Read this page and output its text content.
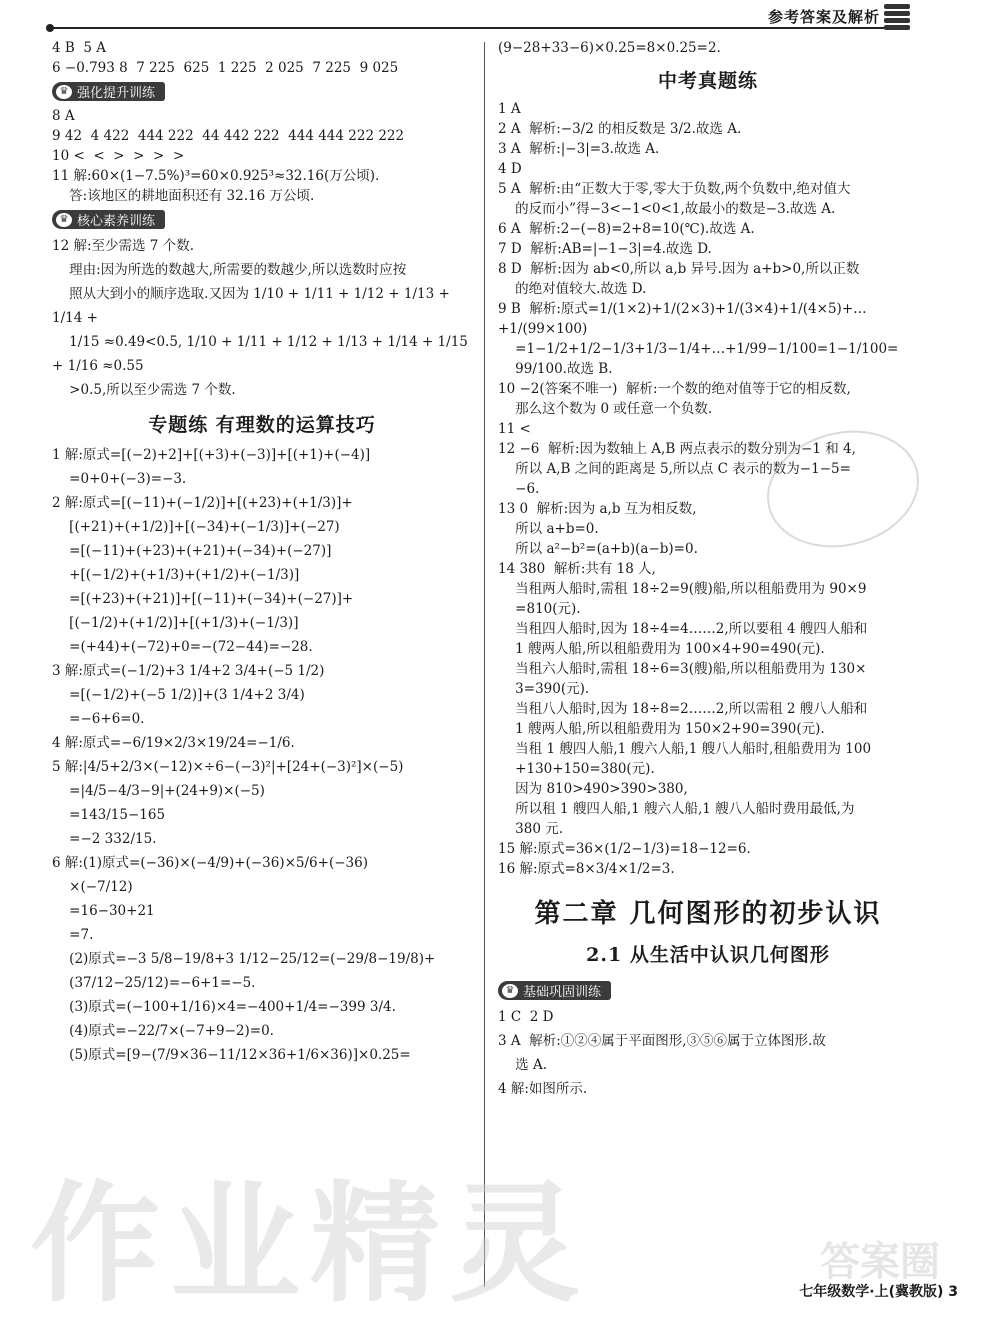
参考答案及解析
4 B  5 A
6 −0.793 8  7 225  625  1 225  2 025  7 225  9 025
♛ 强化提升训练
8 A
9 42  4 422  444 222  44 442 222  444 444 222 222
10 <  <  >  >  >  >
11 解:60×(1−7.5%)³=60×0.925³≈32.16(万公顷).
答:该地区的耕地面积还有 32.16 万公顷.
♛ 核心素养训练
12 解:至少需选 7 个数.
理由:因为所选的数越大,所需要的数越少,所以选数时应按
照从大到小的顺序选取.又因为 1/10 + 1/11 + 1/12 + 1/13 + 1/14 +
1/15 ≈0.49<0.5, 1/10 + 1/11 + 1/12 + 1/13 + 1/14 + 1/15 + 1/16 ≈0.55
>0.5,所以至少需选 7 个数.
专题练 有理数的运算技巧
1 解:原式=[(−2)+2]+[(+3)+(−3)]+[(+1)+(−4)]
=0+0+(−3)=−3.
2 解:原式=[(−11)+(−1/2)]+[(+23)+(+1/3)]+
[(+21)+(+1/2)]+[(−34)+(−1/3)]+(−27)
=[(−11)+(+23)+(+21)+(−34)+(−27)]
+[(−1/2)+(+1/3)+(+1/2)+(−1/3)]
=[(+23)+(+21)]+[(−11)+(−34)+(−27)]+
[(−1/2)+(+1/2)]+[(+1/3)+(−1/3)]
=(+44)+(−72)+0=−(72−44)=−28.
3 解:原式=(−1/2)+3 1/4+2 3/4+(−5 1/2)
=[(−1/2)+(−5 1/2)]+(3 1/4+2 3/4)
=−6+6=0.
4 解:原式=−6/19×2/3×19/24=−1/6.
5 解:|4/5+2/3×(−12)×÷6−(−3)²|+[24+(−3)²]×(−5)
=|4/5−4/3−9|+(24+9)×(−5)
=143/15−165
=−2 332/15.
6 解:(1)原式=(−36)×(−4/9)+(−36)×5/6+(−36)
×(−7/12)
=16−30+21
=7.
(2)原式=−3 5/8−19/8+3 1/12−25/12=(−29/8−19/8)+
(37/12−25/12)=−6+1=−5.
(3)原式=(−100+1/16)×4=−400+1/4=−399 3/4.
(4)原式=−22/7×(−7+9−2)=0.
(5)原式=[9−(7/9×36−11/12×36+1/6×36)]×0.25=
(9−28+33−6)×0.25=8×0.25=2.
中考真题练
1 A
2 A  解析:−3/2 的相反数是 3/2.故选 A.
3 A  解析:|−3|=3.故选 A.
4 D
5 A  解析:由“正数大于零,零大于负数,两个负数中,绝对值大
的反而小”得−3<−1<0<1,故最小的数是−3.故选 A.
6 A  解析:2−(−8)=2+8=10(℃).故选 A.
7 D  解析:AB=|−1−3|=4.故选 D.
8 D  解析:因为 ab<0,所以 a,b 异号.因为 a+b>0,所以正数
的绝对值较大.故选 D.
9 B  解析:原式=1/(1×2)+1/(2×3)+1/(3×4)+1/(4×5)+…+1/(99×100)
=1−1/2+1/2−1/3+1/3−1/4+…+1/99−1/100=1−1/100=
99/100.故选 B.
10 −2(答案不唯一)  解析:一个数的绝对值等于它的相反数,
那么这个数为 0 或任意一个负数.
11 <
12 −6  解析:因为数轴上 A,B 两点表示的数分别为−1 和 4,
所以 A,B 之间的距离是 5,所以点 C 表示的数为−1−5=
−6.
13 0  解析:因为 a,b 互为相反数,
所以 a+b=0.
所以 a²−b²=(a+b)(a−b)=0.
14 380  解析:共有 18 人,
当租两人船时,需租 18÷2=9(艘)船,所以租船费用为 90×9
=810(元).
当租四人船时,因为 18÷4=4……2,所以要租 4 艘四人船和
1 艘两人船,所以租船费用为 100×4+90=490(元).
当租六人船时,需租 18÷6=3(艘)船,所以租船费用为 130×
3=390(元).
当租八人船时,因为 18÷8=2……2,所以需租 2 艘八人船和
1 艘两人船,所以租船费用为 150×2+90=390(元).
当租 1 艘四人船,1 艘六人船,1 艘八人船时,租船费用为 100
+130+150=380(元).
因为 810>490>390>380,
所以租 1 艘四人船,1 艘六人船,1 艘八人船时费用最低,为
380 元.
15 解:原式=36×(1/2−1/3)=18−12=6.
16 解:原式=8×3/4×1/2=3.
第二章 几何图形的初步认识
2.1 从生活中认识几何图形
♛ 基础巩固训练
1 C  2 D
3 A  解析:①②④属于平面图形,③⑤⑥属于立体图形.故
选 A.
4 解:如图所示.
作业精灵	答案圈
七年级数学·上(冀教版) 3
